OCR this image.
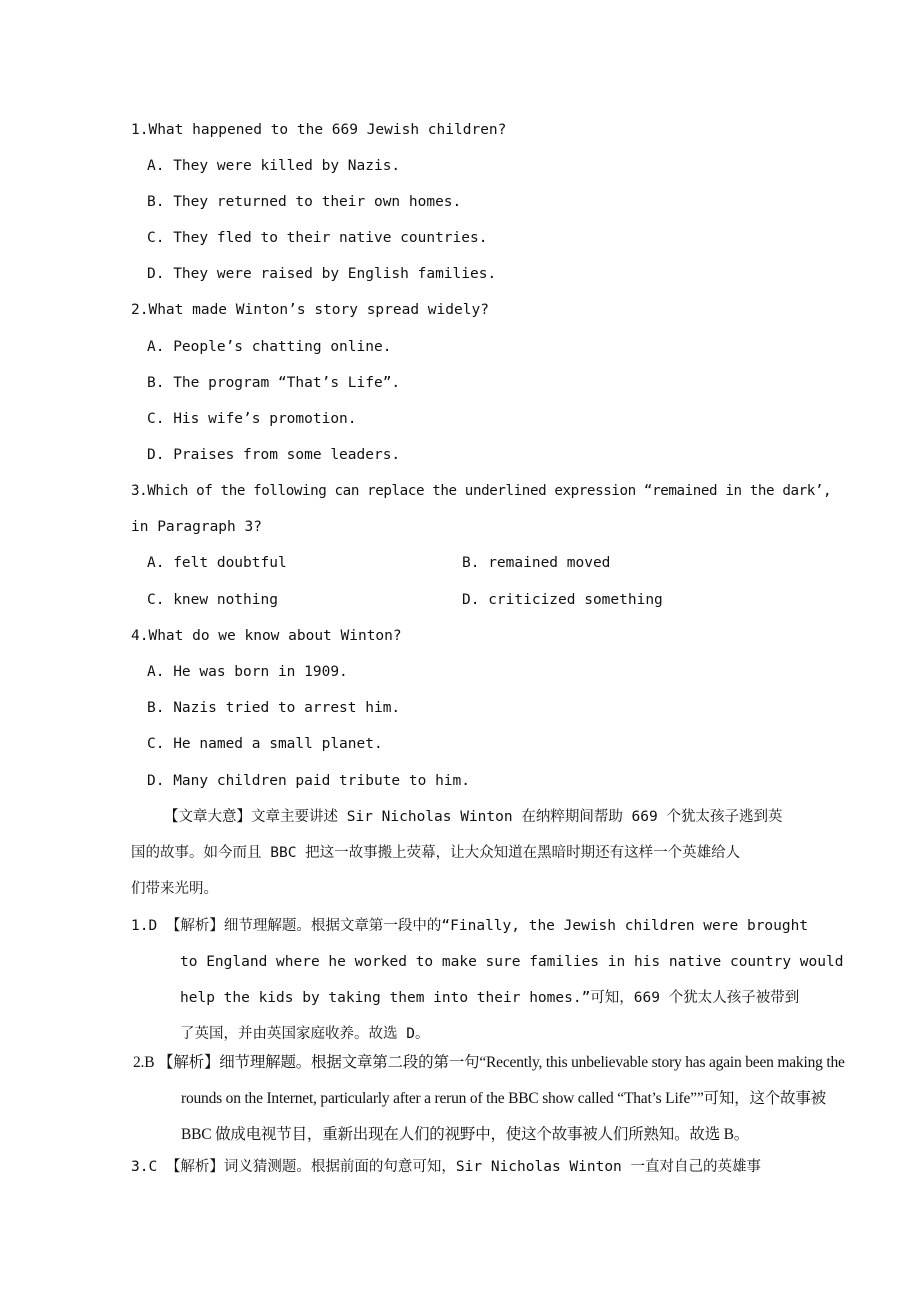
1.What happened to the 669 Jewish children?
A. They were killed by Nazis.
B. They returned to their own homes.
C. They fled to their native countries.
D. They were raised by English families.
2.What made Winton’s story spread widely?
A. People’s chatting online.
B. The program “That’s Life”.
C. His wife’s promotion.
D. Praises from some leaders.
3.Which of the following can replace the underlined expression “remained in the dark’,
in Paragraph 3?
A. felt doubtful	B. remained moved
C. knew nothing	D. criticized something
4.What do we know about Winton?
A. He was born in 1909.
B. Nazis tried to arrest him.
C. He named a small planet.
D. Many children paid tribute to him.
【文章大意】文章主要讲述 Sir Nicholas Winton 在纳粹期间帮助 669 个犹太孩子逃到英
国的故事。如今而且 BBC 把这一故事搬上荧幕，让大众知道在黑暗时期还有这样一个英雄给人
们带来光明。
1.D 【解析】细节理解题。根据文章第一段中的“Finally, the Jewish children were brought
to England where he worked to make sure families in his native country would
help the kids by taking them into their homes.”可知，669 个犹太人孩子被带到
了英国，并由英国家庭收养。故选 D。
2.B 【解析】细节理解题。根据文章第二段的第一句“Recently, this unbelievable story has again been making the
rounds on the Internet, particularly after a rerun of the BBC show called “That’s Life””可知，这个故事被
BBC 做成电视节目，重新出现在人们的视野中，使这个故事被人们所熟知。故选 B。
3.C 【解析】词义猜测题。根据前面的句意可知，Sir Nicholas Winton 一直对自己的英雄事
